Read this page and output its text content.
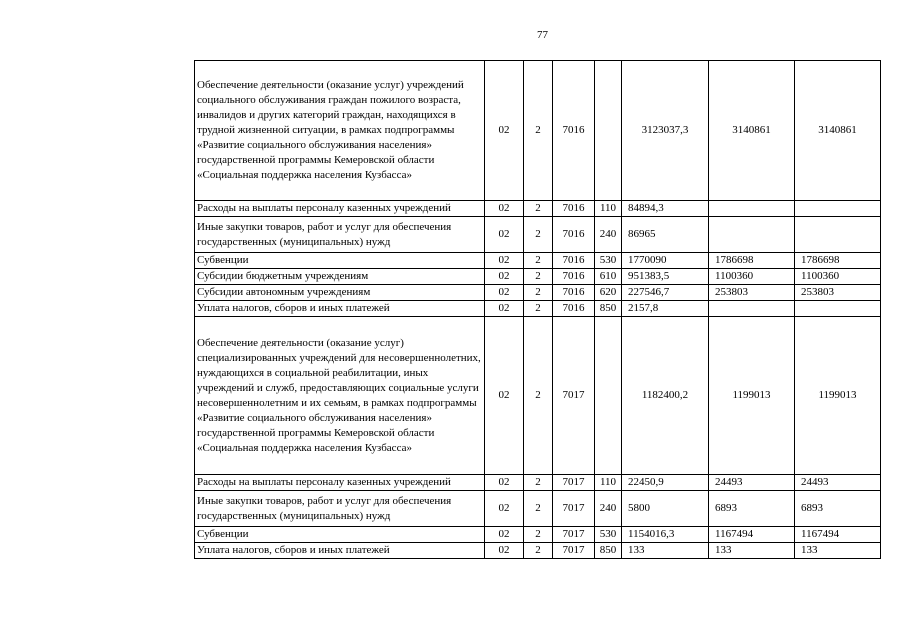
77
Обеспечение деятельности (оказание услуг) учреждений социального обслуживания граждан пожилого возраста, инвалидов и других категорий граждан, находящихся в трудной жизненной ситуации, в рамках подпрограммы «Развитие социального обслуживания населения» государственной программы Кемеровской области «Социальная поддержка населения Кузбасса»	02	2	7016		3123037,3	3140861	3140861
Расходы на выплаты персоналу казенных учреждений	02	2	7016	110	84894,3		
Иные закупки товаров, работ и услуг для обеспечения государственных (муниципальных) нужд	02	2	7016	240	86965		
Субвенции	02	2	7016	530	1770090	1786698	1786698
Субсидии бюджетным учреждениям	02	2	7016	610	951383,5	1100360	1100360
Субсидии автономным учреждениям	02	2	7016	620	227546,7	253803	253803
Уплата налогов, сборов и иных платежей	02	2	7016	850	2157,8		
Обеспечение деятельности (оказание услуг) специализированных учреждений для несовершеннолетних, нуждающихся в социальной реабилитации, иных учреждений и служб, предоставляющих социальные услуги несовершеннолетним и их семьям, в рамках подпрограммы «Развитие социального обслуживания населения» государственной программы Кемеровской области «Социальная поддержка населения Кузбасса»	02	2	7017		1182400,2	1199013	1199013
Расходы на выплаты персоналу казенных учреждений	02	2	7017	110	22450,9	24493	24493
Иные закупки товаров, работ и услуг для обеспечения государственных (муниципальных) нужд	02	2	7017	240	5800	6893	6893
Субвенции	02	2	7017	530	1154016,3	1167494	1167494
Уплата налогов, сборов и иных платежей	02	2	7017	850	133	133	133
